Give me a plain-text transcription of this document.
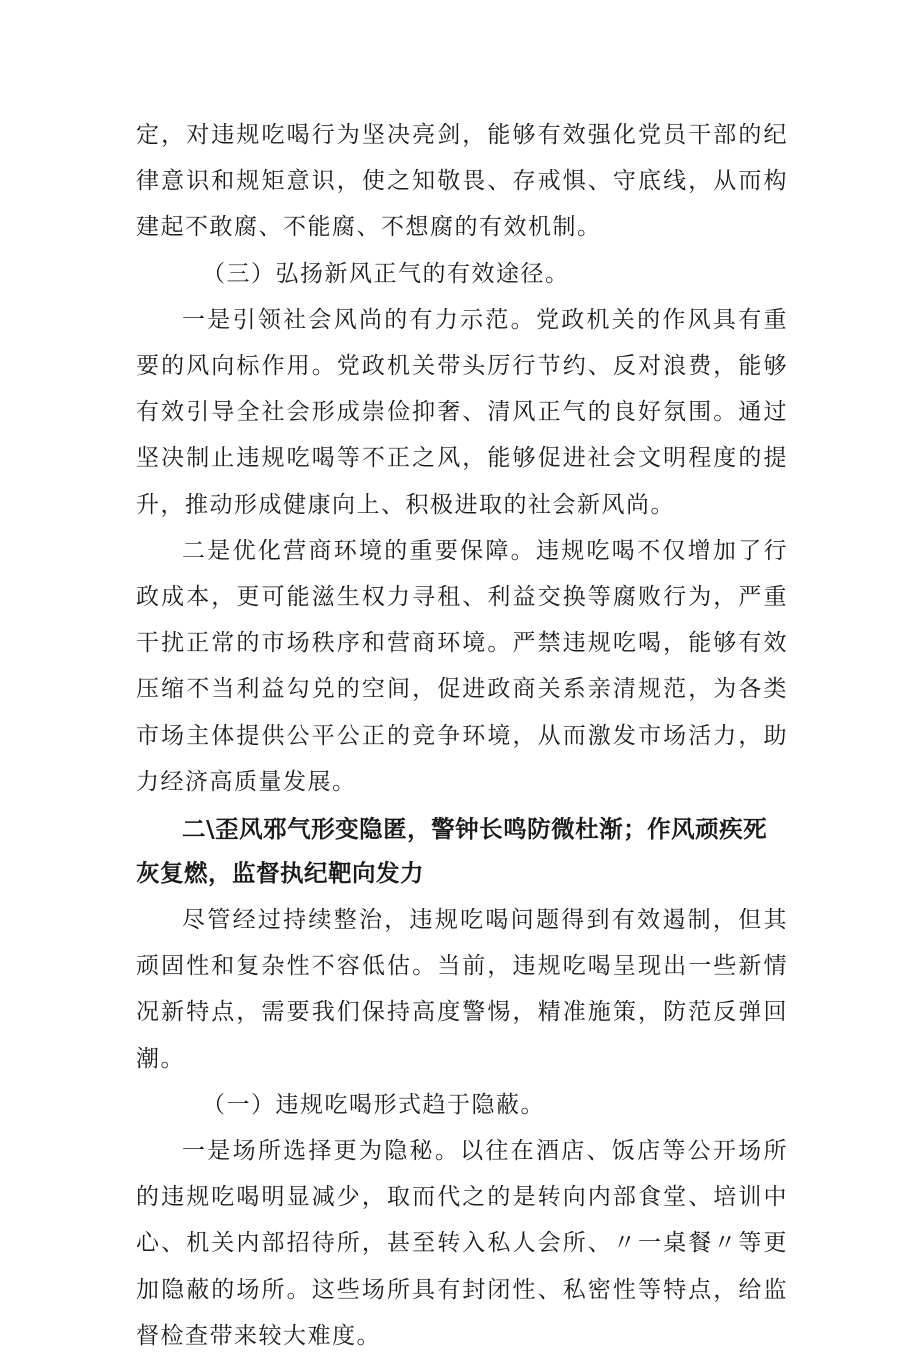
定，对违规吃喝行为坚决亮剑，能够有效强化党员干部的纪律意识和规矩意识，使之知敬畏、存戒惧、守底线，从而构建起不敢腐、不能腐、不想腐的有效机制。

（三）弘扬新风正气的有效途径。

一是引领社会风尚的有力示范。党政机关的作风具有重要的风向标作用。党政机关带头厉行节约、反对浪费，能够有效引导全社会形成崇俭抑奢、清风正气的良好氛围。通过坚决制止违规吃喝等不正之风，能够促进社会文明程度的提升，推动形成健康向上、积极进取的社会新风尚。

二是优化营商环境的重要保障。违规吃喝不仅增加了行政成本，更可能滋生权力寻租、利益交换等腐败行为，严重干扰正常的市场秩序和营商环境。严禁违规吃喝，能够有效压缩不当利益勾兑的空间，促进政商关系亲清规范，为各类市场主体提供公平公正的竞争环境，从而激发市场活力，助力经济高质量发展。

二\歪风邪气形变隐匿，警钟长鸣防微杜渐；作风顽疾死灰复燃，监督执纪靶向发力

尽管经过持续整治，违规吃喝问题得到有效遏制，但其顽固性和复杂性不容低估。当前，违规吃喝呈现出一些新情况新特点，需要我们保持高度警惕，精准施策，防范反弹回潮。

（一）违规吃喝形式趋于隐蔽。

一是场所选择更为隐秘。以往在酒店、饭店等公开场所的违规吃喝明显减少，取而代之的是转向内部食堂、培训中心、机关内部招待所，甚至转入私人会所、〃一桌餐〃等更加隐蔽的场所。这些场所具有封闭性、私密性等特点，给监督检查带来较大难度。
